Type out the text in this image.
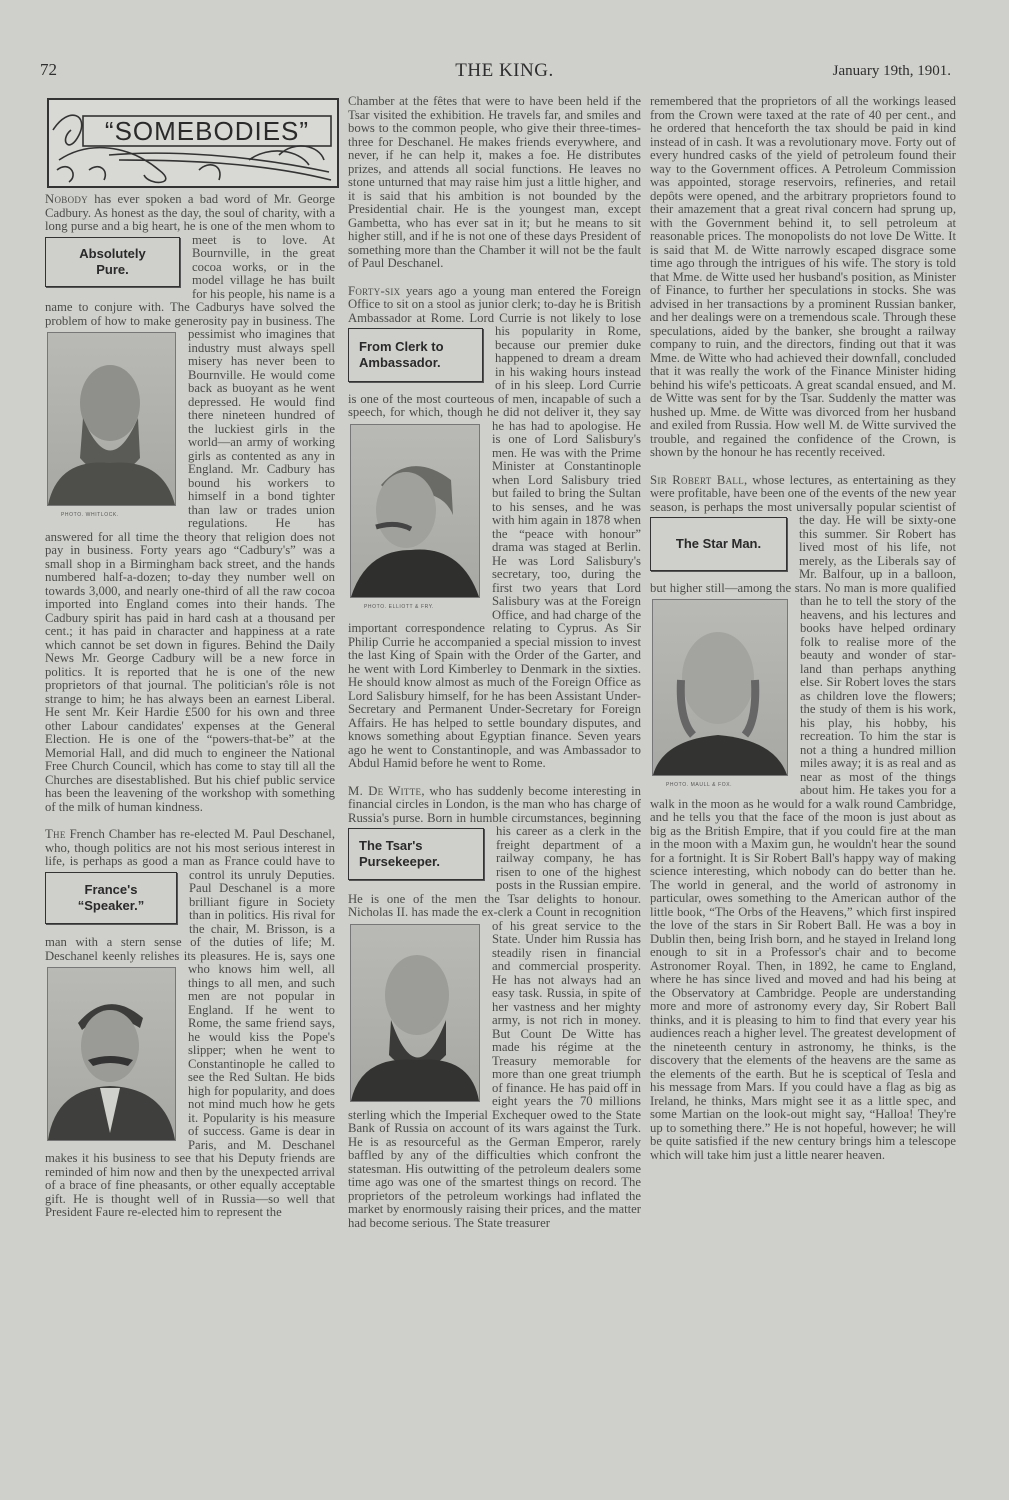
72	THE KING.	January 19th, 1901.
“SOMEBODIES”

Nobody has ever spoken a bad word of Mr. George Cadbury. As honest as the day, the soul of charity, with a long purse and a big heart, he is one of the men whom to meet is to
Absolutely Pure.
love. At Bournville, in the great cocoa works, or in the model village he has built for his people, his name is a name to conjure with. The Cadburys have solved the problem of how to make generosity pay in business. The
PHOTO. WHITLOCK.
pessimist who imagines that industry must always spell misery has never been to Bournville. He would come back as buoyant as he went depressed. He would find there nineteen hundred of the luckiest girls in the world—an army of working girls as contented as any in England. Mr. Cadbury has bound his workers to himself in a bond tighter than law or trades union regulations. He has answered for all time the theory that religion does not pay in business. Forty years ago “Cadbury's” was a small shop in a Birmingham back street, and the hands numbered half-a-dozen; to-day they number well on towards 3,000, and nearly one-third of all the raw cocoa imported into England comes into their hands. The Cadbury spirit has paid in hard cash at a thousand per cent.; it has paid in character and happiness at a rate which cannot be set down in figures. Behind the Daily News Mr. George Cadbury will be a new force in politics. It is reported that he is one of the new proprietors of that journal. The politician's rôle is not strange to him; he has always been an earnest Liberal. He sent Mr. Keir Hardie £500 for his own and three other Labour candidates' expenses at the General Election. He is one of the “powers-that-be” at the Memorial Hall, and did much to engineer the National Free Church Council, which has come to stay till all the Churches are disestablished. But his chief public service has been the leavening of the workshop with something of the milk of human kindness.

The French Chamber has re-elected M. Paul Deschanel, who, though politics are not his most serious interest in life, is perhaps as good a man as France could have to control its un
France's “Speaker.”
ruly Deputies. Paul Deschanel is a more brilliant figure in Society than in politics. His rival for the chair, M. Brisson, is a man with a stern sense of the duties of life; M. Deschanel keenly relishes its pleasures.
He is, says one who knows him well, all things to all men, and such men are not popular in England. If he went to Rome, the same friend says, he would kiss the Pope's slipper; when he went to Constantinople he called to see the Red Sultan. He bids high for popularity, and does not mind much how he gets it. Popularity is his measure of success. Game is dear in Paris, and M. Deschanel makes it his business to see that his Deputy friends are reminded of him now and then by the unexpected arrival of a brace of fine pheasants, or other equally acceptable gift. He is thought well of in Russia—so well that President Faure re-elected him to represent the

Chamber at the fêtes that were to have been held if the Tsar visited the exhibition. He travels far, and smiles and bows to the common people, who give their three-times-three for Deschanel. He makes friends everywhere, and never, if he can help it, makes a foe. He distributes prizes, and attends all social functions. He leaves no stone unturned that may raise him just a little higher, and it is said that his ambition is not bounded by the Presidential chair. He is the youngest man, except Gambetta, who has ever sat in it; but he means to sit higher still, and if he is not one of these days President of something more than the Chamber it will not be the fault of Paul Deschanel.

Forty-six years ago a young man entered the Foreign Office to sit on a stool as junior clerk; to-day he is British Ambassador at Rome. Lord Currie is not likely to lose his popularity
From Clerk to Ambassador.
in Rome, because our premier duke happened to dream a dream in his waking hours instead of in his sleep. Lord Currie is one of the most courteous of men, incapable of such a speech, for which, though he did not deliver
PHOTO. ELLIOTT & FRY.
it, they say he has had to apologise. He is one of Lord Salisbury's men. He was with the Prime Minister at Constantinople when Lord Salisbury tried but failed to bring the Sultan to his senses, and he was with him again in 1878 when the “peace with honour” drama was staged at Berlin. He was Lord Salisbury's secretary, too, during the first two years that Lord Salisbury was at the Foreign Office, and had charge of the important correspondence relating to Cyprus. As Sir Philip Currie he accompanied a special mission to invest the last King of Spain with the Order of the Garter, and he went with Lord Kimberley to Denmark in the sixties. He should know almost as much of the Foreign Office as Lord Salisbury himself, for he has been Assistant Under-Secretary and Permanent Under-Secretary for Foreign Affairs. He has helped to settle boundary disputes, and knows something about Egyptian finance. Seven years ago he went to Constantinople, and was Ambassador to Abdul Hamid before he went to Rome.

M. De Witte, who has suddenly become interesting in financial circles in London, is the man who has charge of Russia's purse. Born in humble circumstances, beginning his career
The Tsar's Pursekeeper.
as a clerk in the freight department of a railway company, he has risen to one of the highest posts in the Russian empire. He is one of the men the Tsar delights to honour. Nicholas II. has made the ex-clerk a Count in
recognition of his great service to the State. Under him Russia has steadily risen in financial and commercial prosperity. He has not always had an easy task. Russia, in spite of her vastness and her mighty army, is not rich in money. But Count De Witte has made his régime at the Treasury memorable for more than one great triumph of finance. He has paid off in eight years the 70 millions sterling which the Imperial Exchequer owed to the State Bank of Russia on account of its wars against the Turk. He is as resourceful as the German Emperor, rarely baffled by any of the difficulties which confront the statesman. His outwitting of the petroleum dealers some time ago was one of the smartest things on record. The proprietors of the petroleum workings had inflated the market by enormously raising their prices, and the matter had become serious. The State treasurer

remembered that the proprietors of all the workings leased from the Crown were taxed at the rate of 40 per cent., and he ordered that henceforth the tax should be paid in kind instead of in cash. It was a revolutionary move. Forty out of every hundred casks of the yield of petroleum found their way to the Government offices. A Petroleum Commission was appointed, storage reservoirs, refineries, and retail depôts were opened, and the arbitrary proprietors found to their amazement that a great rival concern had sprung up, with the Government behind it, to sell petroleum at reasonable prices. The monopolists do not love De Witte. It is said that M. de Witte narrowly escaped disgrace some time ago through the intrigues of his wife. The story is told that Mme. de Witte used her husband's position, as Minister of Finance, to further her speculations in stocks. She was advised in her transactions by a prominent Russian banker, and her dealings were on a tremendous scale. Through these speculations, aided by the banker, she brought a railway company to ruin, and the directors, finding out that it was Mme. de Witte who had achieved their downfall, concluded that it was really the work of the Finance Minister hiding behind his wife's petticoats. A great scandal ensued, and M. de Witte was sent for by the Tsar. Suddenly the matter was hushed up. Mme. de Witte was divorced from her husband and exiled from Russia. How well M. de Witte survived the trouble, and regained the confidence of the Crown, is shown by the honour he has recently received.

Sir Robert Ball, whose lectures, as entertaining as they were profitable, have been one of the events of the new year season, is perhaps the most universally popular scientist of the day.
The Star Man.
He will be sixty-one this summer. Sir Robert has lived most of his life, not merely, as the Liberals say of Mr. Balfour, up in a balloon, but higher still—among the stars. No man is more qualified than he to tell the story of the
PHOTO. MAULL & FOX.
heavens, and his lectures and books have helped ordinary folk to realise more of the beauty and wonder of star-land than perhaps anything else. Sir Robert loves the stars as children love the flowers; the study of them is his work, his play, his hobby, his recreation. To him the star is not a thing a hundred million miles away; it is as real and as near as most of the things about him. He takes you for a walk in the moon as he would for a walk round Cambridge, and he tells you that the face of the moon is just about as big as the British Empire, that if you could fire at the man in the moon with a Maxim gun, he wouldn't hear the sound for a fortnight. It is Sir Robert Ball's happy way of making science interesting, which nobody can do better than he. The world in general, and the world of astronomy in particular, owes something to the American author of the little book, “The Orbs of the Heavens,” which first inspired the love of the stars in Sir Robert Ball. He was a boy in Dublin then, being Irish born, and he stayed in Ireland long enough to sit in a Professor's chair and to become Astronomer Royal. Then, in 1892, he came to England, where he has since lived and moved and had his being at the Observatory at Cambridge. People are understanding more and more of astronomy every day, Sir Robert Ball thinks, and it is pleasing to him to find that every year his audiences reach a higher level. The greatest development of the nineteenth century in astronomy, he thinks, is the discovery that the elements of the heavens are the same as the elements of the earth. But he is sceptical of Tesla and his message from Mars. If you could have a flag as big as Ireland, he thinks, Mars might see it as a little spec, and some Martian on the look-out might say, “Halloa! They're up to something there.” He is not hopeful, however; he will be quite satisfied if the new century brings him a telescope which will take him just a little nearer heaven.
